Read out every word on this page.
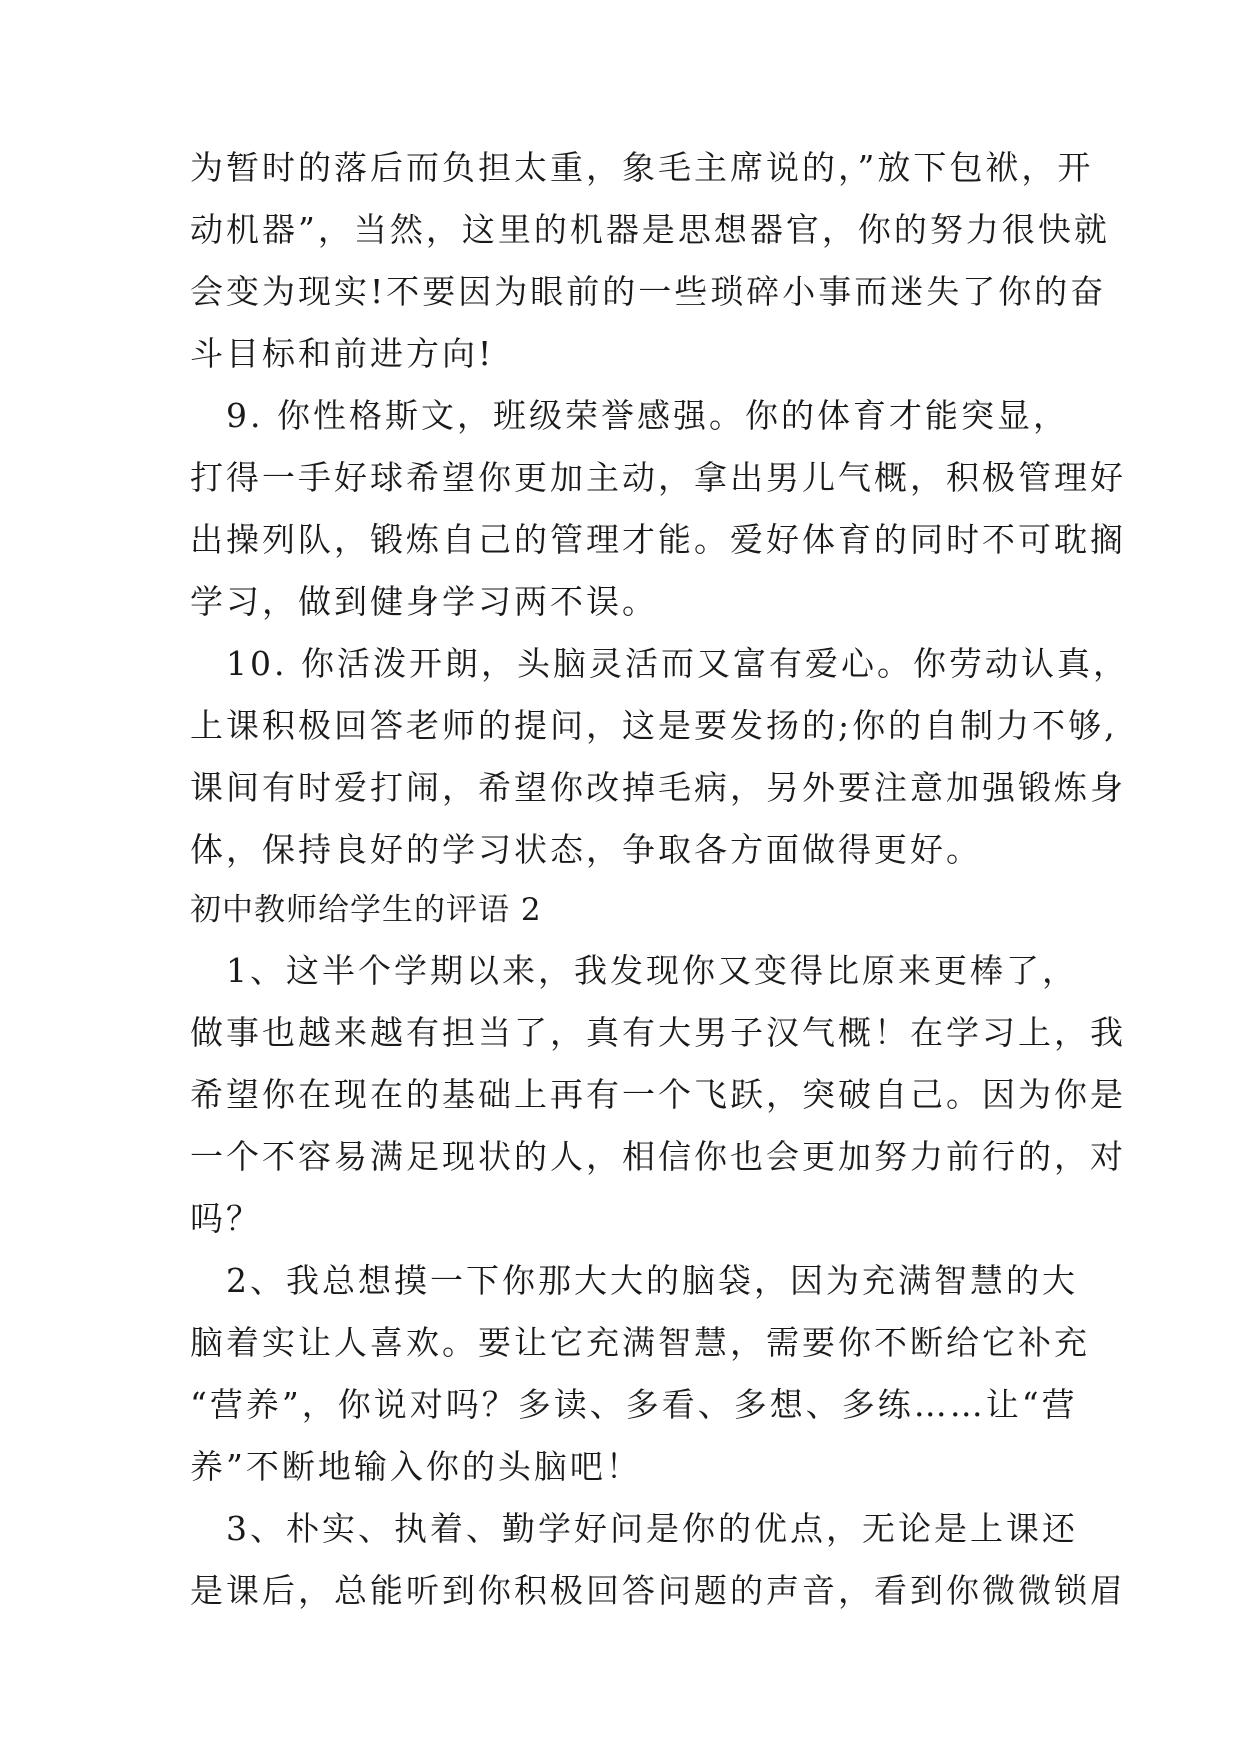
为暂时的落后而负担太重，象毛主席说的，”放下包袱，开
动机器”，当然，这里的机器是思想器官，你的努力很快就
会变为现实!不要因为眼前的一些琐碎小事而迷失了你的奋
斗目标和前进方向!
　9. 你性格斯文，班级荣誉感强。你的体育才能突显，
打得一手好球希望你更加主动，拿出男儿气概，积极管理好
出操列队，锻炼自己的管理才能。爱好体育的同时不可耽搁
学习，做到健身学习两不误。
　10. 你活泼开朗，头脑灵活而又富有爱心。你劳动认真，
上课积极回答老师的提问，这是要发扬的;你的自制力不够,
课间有时爱打闹，希望你改掉毛病，另外要注意加强锻炼身
体，保持良好的学习状态，争取各方面做得更好。
初中教师给学生的评语 2
　1、这半个学期以来，我发现你又变得比原来更棒了，
做事也越来越有担当了，真有大男子汉气概！在学习上，我
希望你在现在的基础上再有一个飞跃，突破自己。因为你是
一个不容易满足现状的人，相信你也会更加努力前行的，对
吗？
　2、我总想摸一下你那大大的脑袋，因为充满智慧的大
脑着实让人喜欢。要让它充满智慧，需要你不断给它补充
“营养”，你说对吗？多读、多看、多想、多练……让“营
养”不断地输入你的头脑吧！
　3、朴实、执着、勤学好问是你的优点，无论是上课还
是课后，总能听到你积极回答问题的声音，看到你微微锁眉
